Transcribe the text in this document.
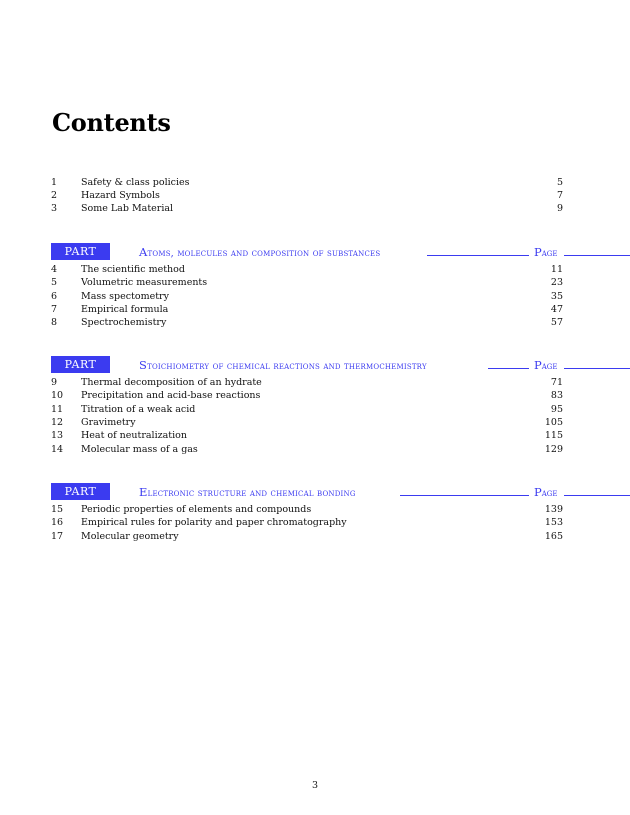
Contents
1	Safety & class policies	5
2	Hazard Symbols	7
3	Some Lab Material	9
PART	Atoms, molecules and composition of substances	Page
4	The scientific method	11
5	Volumetric measurements	23
6	Mass spectometry	35
7	Empirical formula	47
8	Spectrochemistry	57
PART	Stoichiometry of chemical reactions and thermochemistry	Page
9	Thermal decomposition of an hydrate	71
10 Precipitation and acid-base reactions	83
11 Titration of a weak acid	95
12 Gravimetry	105
13 Heat of neutralization	115
14 Molecular mass of a gas	129
PART	Electronic structure and chemical bonding	Page
15 Periodic properties of elements and compounds	139
16 Empirical rules for polarity and paper chromatography	153
17 Molecular geometry	165
3
